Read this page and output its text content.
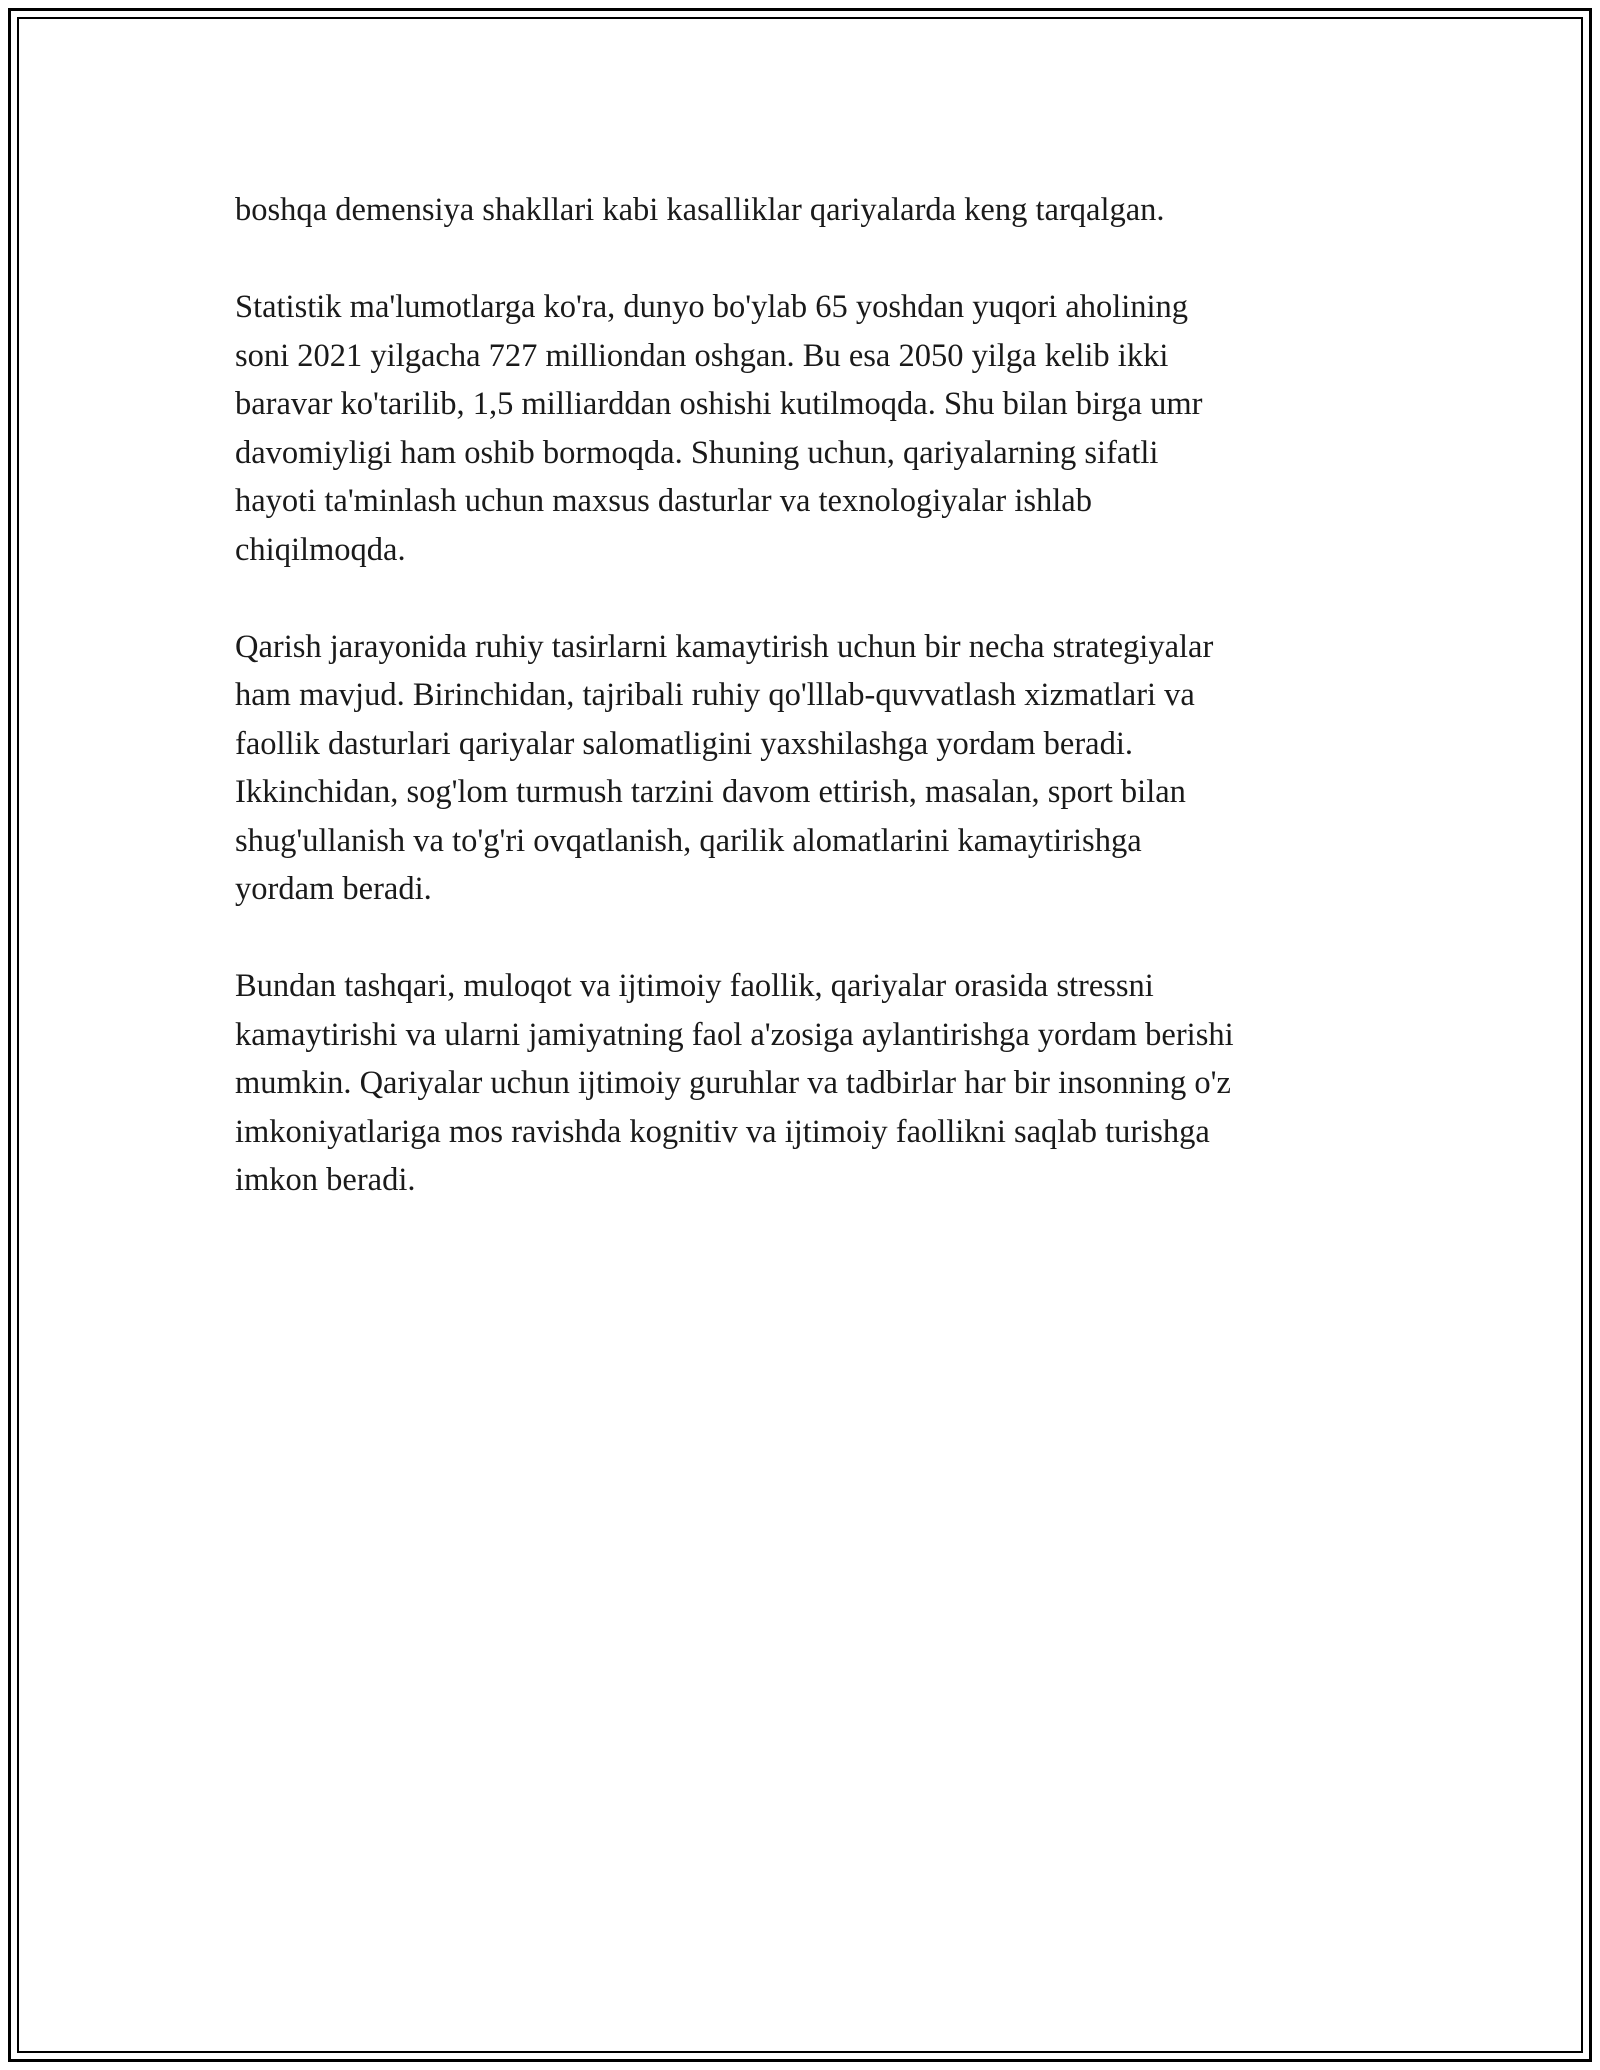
boshqa demensiya shakllari kabi kasalliklar qariyalarda keng tarqalgan.

Statistik ma'lumotlarga ko'ra, dunyo bo'ylab 65 yoshdan yuqori aholining
soni 2021 yilgacha 727 milliondan oshgan. Bu esa 2050 yilga kelib ikki
baravar ko'tarilib, 1,5 milliarddan oshishi kutilmoqda. Shu bilan birga umr
davomiyligi ham oshib bormoqda. Shuning uchun, qariyalarning sifatli
hayoti ta'minlash uchun maxsus dasturlar va texnologiyalar ishlab
chiqilmoqda.

Qarish jarayonida ruhiy tasirlarni kamaytirish uchun bir necha strategiyalar
ham mavjud. Birinchidan, tajribali ruhiy qo'lllab-quvvatlash xizmatlari va
faollik dasturlari qariyalar salomatligini yaxshilashga yordam beradi.
Ikkinchidan, sog'lom turmush tarzini davom ettirish, masalan, sport bilan
shug'ullanish va to'g'ri ovqatlanish, qarilik alomatlarini kamaytirishga
yordam beradi.

Bundan tashqari, muloqot va ijtimoiy faollik, qariyalar orasida stressni
kamaytirishi va ularni jamiyatning faol a'zosiga aylantirishga yordam berishi
mumkin. Qariyalar uchun ijtimoiy guruhlar va tadbirlar har bir insonning o'z
imkoniyatlariga mos ravishda kognitiv va ijtimoiy faollikni saqlab turishga
imkon beradi.
